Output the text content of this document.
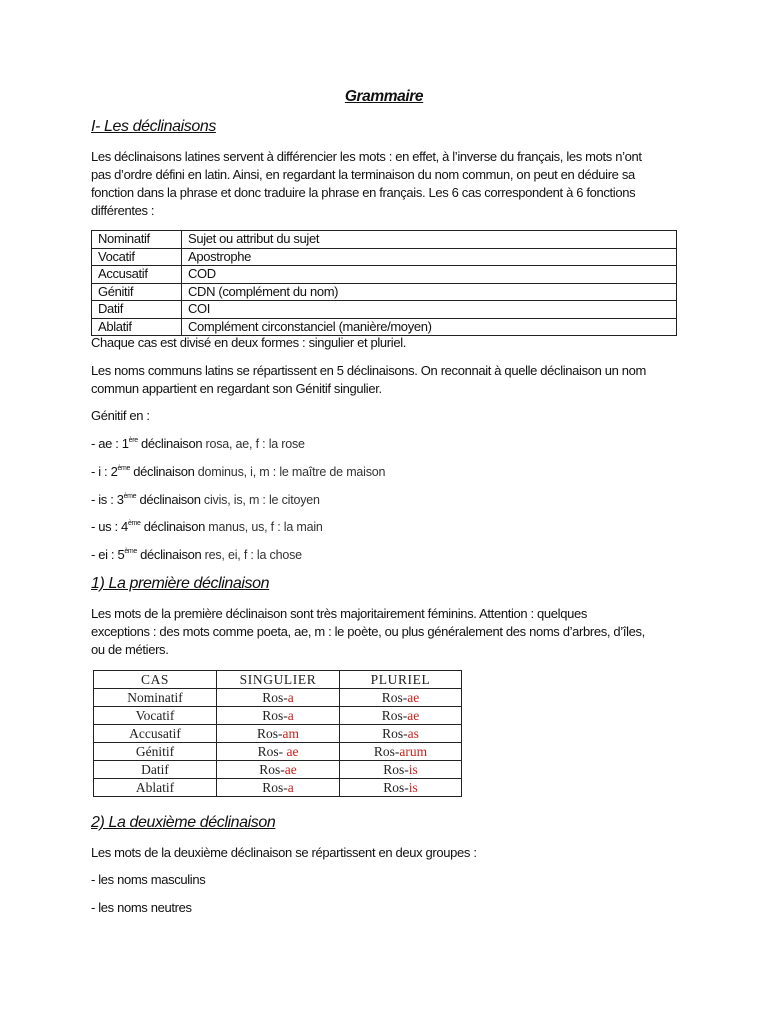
Grammaire
I- Les déclinaisons
Les déclinaisons latines servent à différencier les mots : en effet, à l’inverse du français, les mots n’ont
pas d’ordre défini en latin. Ainsi, en regardant la terminaison du nom commun, on peut en déduire sa
fonction dans la phrase et donc traduire la phrase en français. Les 6 cas correspondent à 6 fonctions
différentes :
Nominatif	Sujet ou attribut du sujet
Vocatif	Apostrophe
Accusatif	COD
Génitif	CDN (complément du nom)
Datif	COI
Ablatif	Complément circonstanciel (manière/moyen)
Chaque cas est divisé en deux formes : singulier et pluriel.
Les noms communs latins se répartissent en 5 déclinaisons. On reconnait à quelle déclinaison un nom
commun appartient en regardant son Génitif singulier.
Génitif en :
- ae : 1ère déclinaison rosa, ae, f : la rose
- i : 2ème déclinaison dominus, i, m : le maître de maison
- is : 3ème déclinaison civis, is, m : le citoyen
- us : 4ème déclinaison manus, us, f : la main
- ei : 5ème déclinaison res, ei, f : la chose
1) La première déclinaison
Les mots de la première déclinaison sont très majoritairement féminins. Attention : quelques
exceptions : des mots comme poeta, ae, m : le poète, ou plus généralement des noms d’arbres, d’îles,
ou de métiers.
CAS	SINGULIER	PLURIEL
Nominatif	Ros-a	Ros-ae
Vocatif	Ros-a	Ros-ae
Accusatif	Ros-am	Ros-as
Génitif	Ros- ae	Ros-arum
Datif	Ros-ae	Ros-is
Ablatif	Ros-a	Ros-is
2) La deuxième déclinaison
Les mots de la deuxième déclinaison se répartissent en deux groupes :
- les noms masculins
- les noms neutres
